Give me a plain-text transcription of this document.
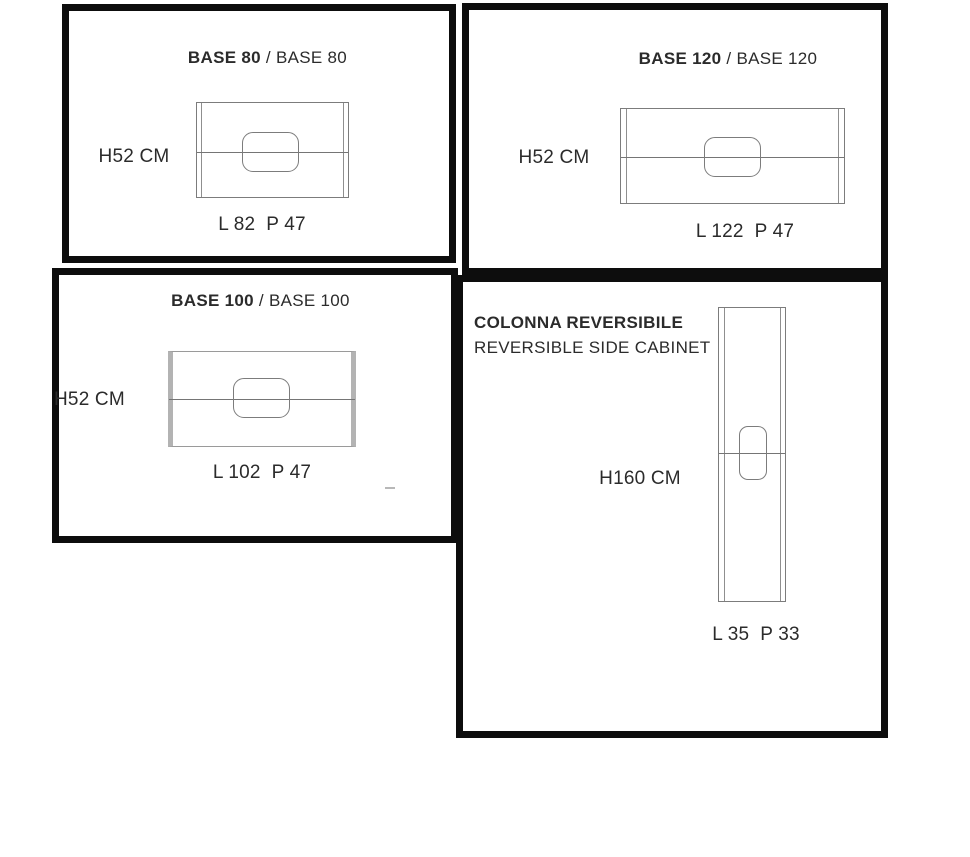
BASE 80 / BASE 80
H52 CM
L 82  P 47
BASE 120 / BASE 120
H52 CM
L 122  P 47
BASE 100 / BASE 100
H52 CM
L 102  P 47
COLONNA REVERSIBILE
REVERSIBLE SIDE CABINET
H160 CM
L 35  P 33
